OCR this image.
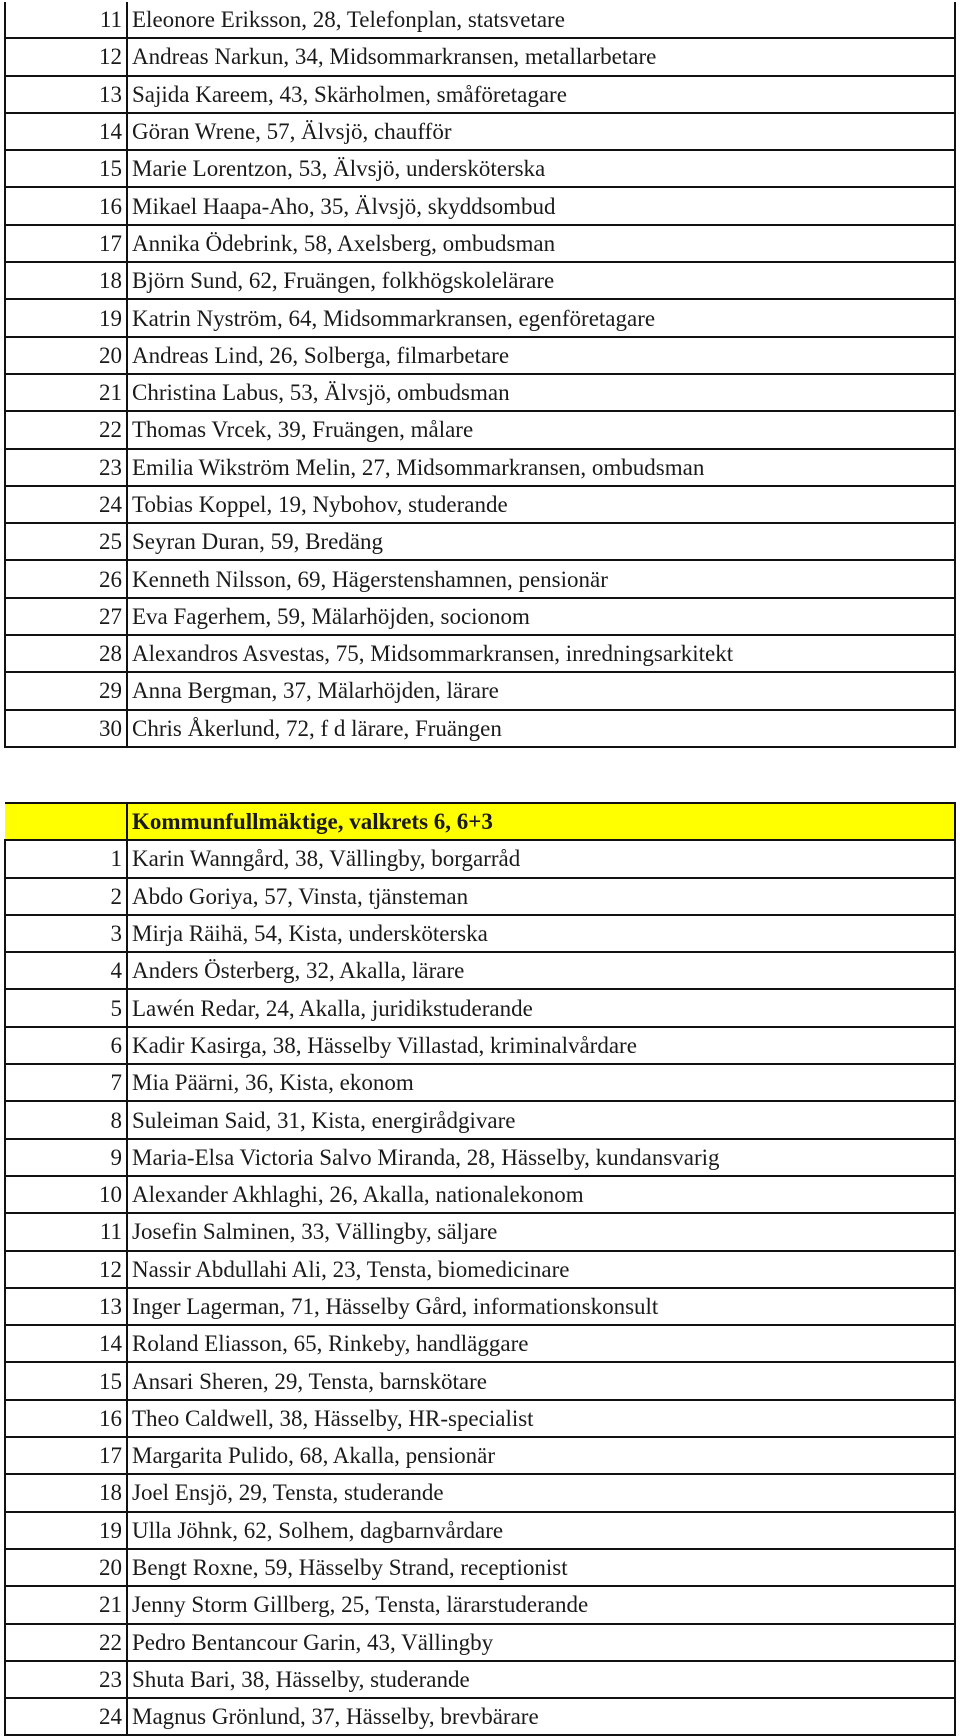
11	Eleonore Eriksson, 28, Telefonplan, statsvetare
12	Andreas Narkun, 34, Midsommarkransen, metallarbetare
13	Sajida Kareem, 43, Skärholmen, småföretagare
14	Göran Wrene, 57, Älvsjö, chaufför
15	Marie Lorentzon, 53, Älvsjö, undersköterska
16	Mikael Haapa-Aho, 35, Älvsjö, skyddsombud
17	Annika Ödebrink, 58, Axelsberg, ombudsman
18	Björn Sund, 62, Fruängen, folkhögskolelärare
19	Katrin Nyström, 64, Midsommarkransen, egenföretagare
20	Andreas Lind, 26, Solberga, filmarbetare
21	Christina Labus, 53, Älvsjö, ombudsman
22	Thomas Vrcek, 39, Fruängen, målare
23	Emilia Wikström Melin, 27, Midsommarkransen, ombudsman
24	Tobias Koppel, 19, Nybohov, studerande
25	Seyran Duran, 59, Bredäng
26	Kenneth Nilsson, 69, Hägerstenshamnen, pensionär
27	Eva Fagerhem, 59, Mälarhöjden, socionom
28	Alexandros Asvestas, 75, Midsommarkransen, inredningsarkitekt
29	Anna Bergman, 37, Mälarhöjden, lärare
30	Chris Åkerlund, 72, f d lärare, Fruängen
	Kommunfullmäktige, valkrets 6, 6+3
1	Karin Wanngård, 38, Vällingby, borgarråd
2	Abdo Goriya, 57, Vinsta, tjänsteman
3	Mirja Räihä, 54, Kista, undersköterska
4	Anders Österberg, 32, Akalla, lärare
5	Lawén Redar, 24, Akalla, juridikstuderande
6	Kadir Kasirga, 38, Hässelby Villastad, kriminalvårdare
7	Mia Päärni, 36, Kista, ekonom
8	Suleiman Said, 31, Kista, energirådgivare
9	Maria-Elsa Victoria Salvo Miranda, 28, Hässelby, kundansvarig
10	Alexander Akhlaghi, 26, Akalla, nationalekonom
11	Josefin Salminen, 33, Vällingby, säljare
12	Nassir Abdullahi Ali, 23, Tensta, biomedicinare
13	Inger Lagerman, 71, Hässelby Gård, informationskonsult
14	Roland Eliasson, 65, Rinkeby, handläggare
15	Ansari Sheren, 29, Tensta, barnskötare
16	Theo Caldwell, 38, Hässelby, HR-specialist
17	Margarita Pulido, 68, Akalla, pensionär
18	Joel Ensjö, 29, Tensta, studerande
19	Ulla Jöhnk, 62, Solhem, dagbarnvårdare
20	Bengt Roxne, 59, Hässelby Strand, receptionist
21	Jenny Storm Gillberg, 25, Tensta, lärarstuderande
22	Pedro Bentancour Garin, 43, Vällingby
23	Shuta Bari, 38, Hässelby, studerande
24	Magnus Grönlund, 37, Hässelby, brevbärare
